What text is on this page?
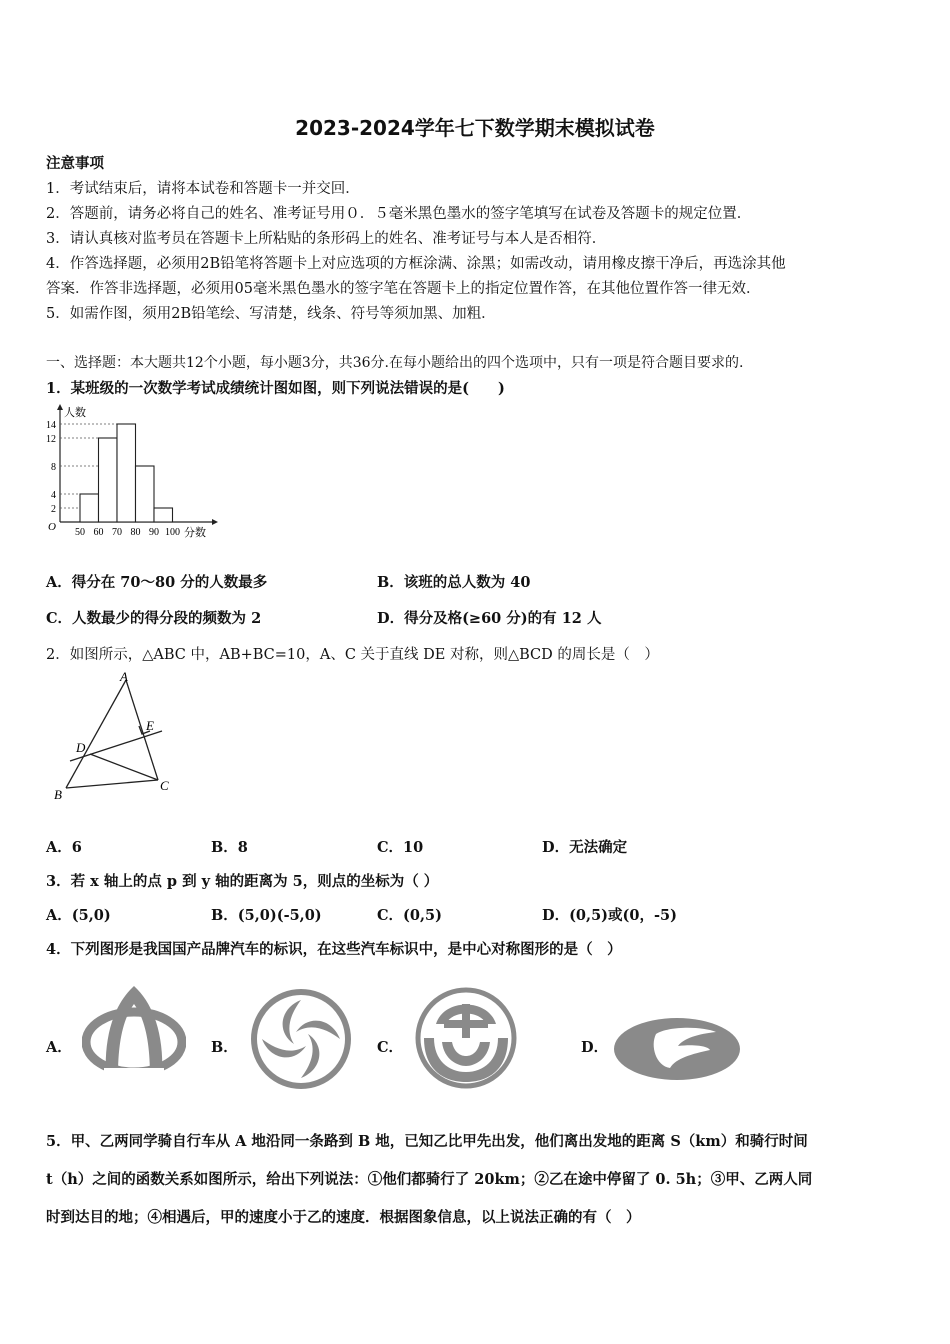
2023-2024学年七下数学期末模拟试卷
注意事项
1．考试结束后，请将本试卷和答题卡一并交回．
2．答题前，请务必将自己的姓名、准考证号用０．５毫米黑色墨水的签字笔填写在试卷及答题卡的规定位置．
3．请认真核对监考员在答题卡上所粘贴的条形码上的姓名、准考证号与本人是否相符．
4．作答选择题，必须用2B铅笔将答题卡上对应选项的方框涂满、涂黑；如需改动，请用橡皮擦干净后，再选涂其他
答案．作答非选择题，必须用05毫米黑色墨水的签字笔在答题卡上的指定位置作答，在其他位置作答一律无效．
5．如需作图，须用2B铅笔绘、写清楚，线条、符号等须加黑、加粗．
一、选择题：本大题共12个小题，每小题3分，共36分.在每小题给出的四个选项中，只有一项是符合题目要求的.
1．某班级的一次数学考试成绩统计图如图，则下列说法错误的是(　　)
2
4
8
12
14
50 60 70 80 90 100
人数
分数
O
A．得分在 70～80 分的人数最多	B．该班的总人数为 40
C．人数最少的得分段的频数为 2	D．得分及格(≥60 分)的有 12 人
2．如图所示，△ABC 中，AB+BC=10，A、C 关于直线 DE 对称，则△BCD 的周长是（　）
A
B
C
D
E
A．6	B．8	C．10	D．无法确定
3．若 x 轴上的点 p 到 y 轴的距离为 5，则点的坐标为（ ）
A．(5,0)	B．(5,0)(-5,0)	C．(0,5)	D．(0,5)或(0，-5)
4．下列图形是我国国产品牌汽车的标识，在这些汽车标识中，是中心对称图形的是（　）
A．	B．	C．	D．
5．甲、乙两同学骑自行车从 A 地沿同一条路到 B 地，已知乙比甲先出发，他们离出发地的距离 S（km）和骑行时间
t（h）之间的函数关系如图所示，给出下列说法：①他们都骑行了 20km；②乙在途中停留了 0. 5h；③甲、乙两人同
时到达目的地；④相遇后，甲的速度小于乙的速度．根据图象信息，以上说法正确的有（　）
